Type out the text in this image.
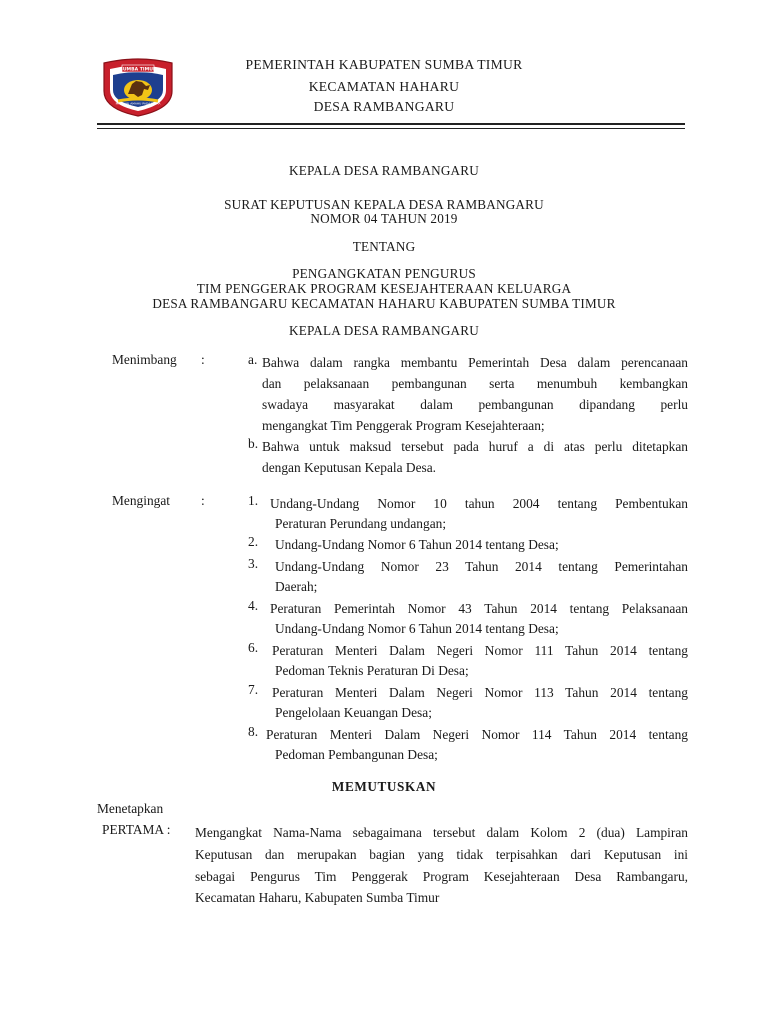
SUMBA TIMUR
MATAWAI AMAHU PADA NJARA
PEMERINTAH KABUPATEN SUMBA TIMUR
KECAMATAN HAHARU
DESA RAMBANGARU
KEPALA DESA RAMBANGARU
SURAT KEPUTUSAN KEPALA DESA RAMBANGARU
NOMOR 04 TAHUN 2019
TENTANG
PENGANGKATAN PENGURUS
TIM PENGGERAK PROGRAM KESEJAHTERAAN KELUARGA
DESA RAMBANGARU KECAMATAN HAHARU KABUPATEN SUMBA TIMUR
KEPALA DESA RAMBANGARU
Menimbang :	a. Bahwa dalam rangka membantu Pemerintah Desa dalam perencanaan
dan pelaksanaan pembangunan serta menumbuh kembangkan
swadaya masyarakat dalam pembangunan dipandang perlu
mengangkat Tim Penggerak Program Kesejahteraan;
b. Bahwa untuk maksud tersebut pada huruf a di atas perlu ditetapkan
dengan Keputusan Kepala Desa.
Mengingat :	1. Undang-Undang Nomor 10 tahun 2004 tentang Pembentukan
Peraturan Perundang undangan;
2. Undang-Undang Nomor 6 Tahun 2014 tentang Desa;
3. Undang-Undang Nomor 23 Tahun 2014 tentang Pemerintahan
Daerah;
4. Peraturan Pemerintah Nomor 43 Tahun 2014 tentang Pelaksanaan
Undang-Undang Nomor 6 Tahun 2014 tentang Desa;
6. Peraturan Menteri Dalam Negeri Nomor 111 Tahun 2014 tentang
Pedoman Teknis Peraturan Di Desa;
7. Peraturan Menteri Dalam Negeri Nomor 113 Tahun 2014 tentang
Pengelolaan Keuangan Desa;
8. Peraturan Menteri Dalam Negeri Nomor 114 Tahun 2014 tentang
Pedoman Pembangunan Desa;
MEMUTUSKAN
Menetapkan
PERTAMA : Mengangkat Nama-Nama sebagaimana tersebut dalam Kolom 2 (dua) Lampiran
Keputusan dan merupakan bagian yang tidak terpisahkan dari Keputusan ini
sebagai Pengurus Tim Penggerak Program Kesejahteraan Desa Rambangaru,
Kecamatan Haharu, Kabupaten Sumba Timur
